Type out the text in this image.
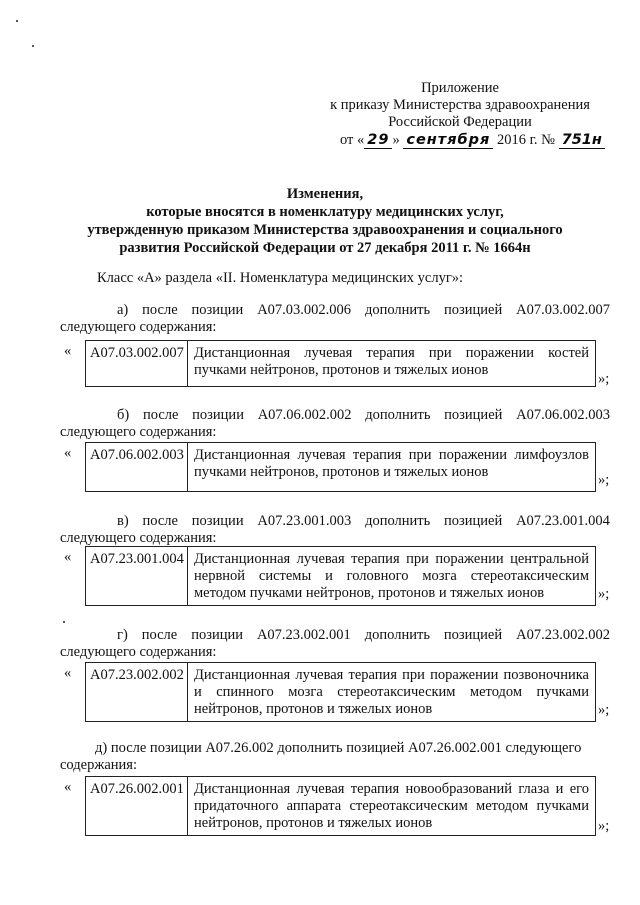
Приложение
к приказу Министерства здравоохранения
Российской Федерации
от « 29 » сентября 2016 г. № 751н
Изменения,
которые вносятся в номенклатуру медицинских услуг,
утвержденную приказом Министерства здравоохранения и социального
развития Российской Федерации от 27 декабря 2011 г. № 1664н
Класс «А» раздела «II. Номенклатура медицинских услуг»:
а) после позиции А07.03.002.006 дополнить позицией А07.03.002.007
следующего содержания:
«	А07.03.002.007 Дистанционная лучевая терапия при поражении костей пучками нейтронов, протонов и тяжелых ионов
»;
б) после позиции А07.06.002.002 дополнить позицией А07.06.002.003
следующего содержания:
«	А07.06.002.003 Дистанционная лучевая терапия при поражении лимфоузлов пучками нейтронов, протонов и тяжелых ионов	»;
в) после позиции А07.23.001.003 дополнить позицией А07.23.001.004
следующего содержания:
«	А07.23.001.004 Дистанционная лучевая терапия при поражении центральной нервной системы и головного мозга стереотаксическим методом пучками нейтронов, протонов и тяжелых ионов	»;
г) после позиции А07.23.002.001 дополнить позицией А07.23.002.002
следующего содержания:
«	А07.23.002.002 Дистанционная лучевая терапия при поражении позвоночника и спинного мозга стереотаксическим методом пучками нейтронов, протонов и тяжелых ионов	»;
д) после позиции А07.26.002 дополнить позицией А07.26.002.001 следующего
содержания:
«	А07.26.002.001 Дистанционная лучевая терапия новообразований глаза и его придаточного аппарата стереотаксическим методом пучками нейтронов, протонов и тяжелых ионов	»;
